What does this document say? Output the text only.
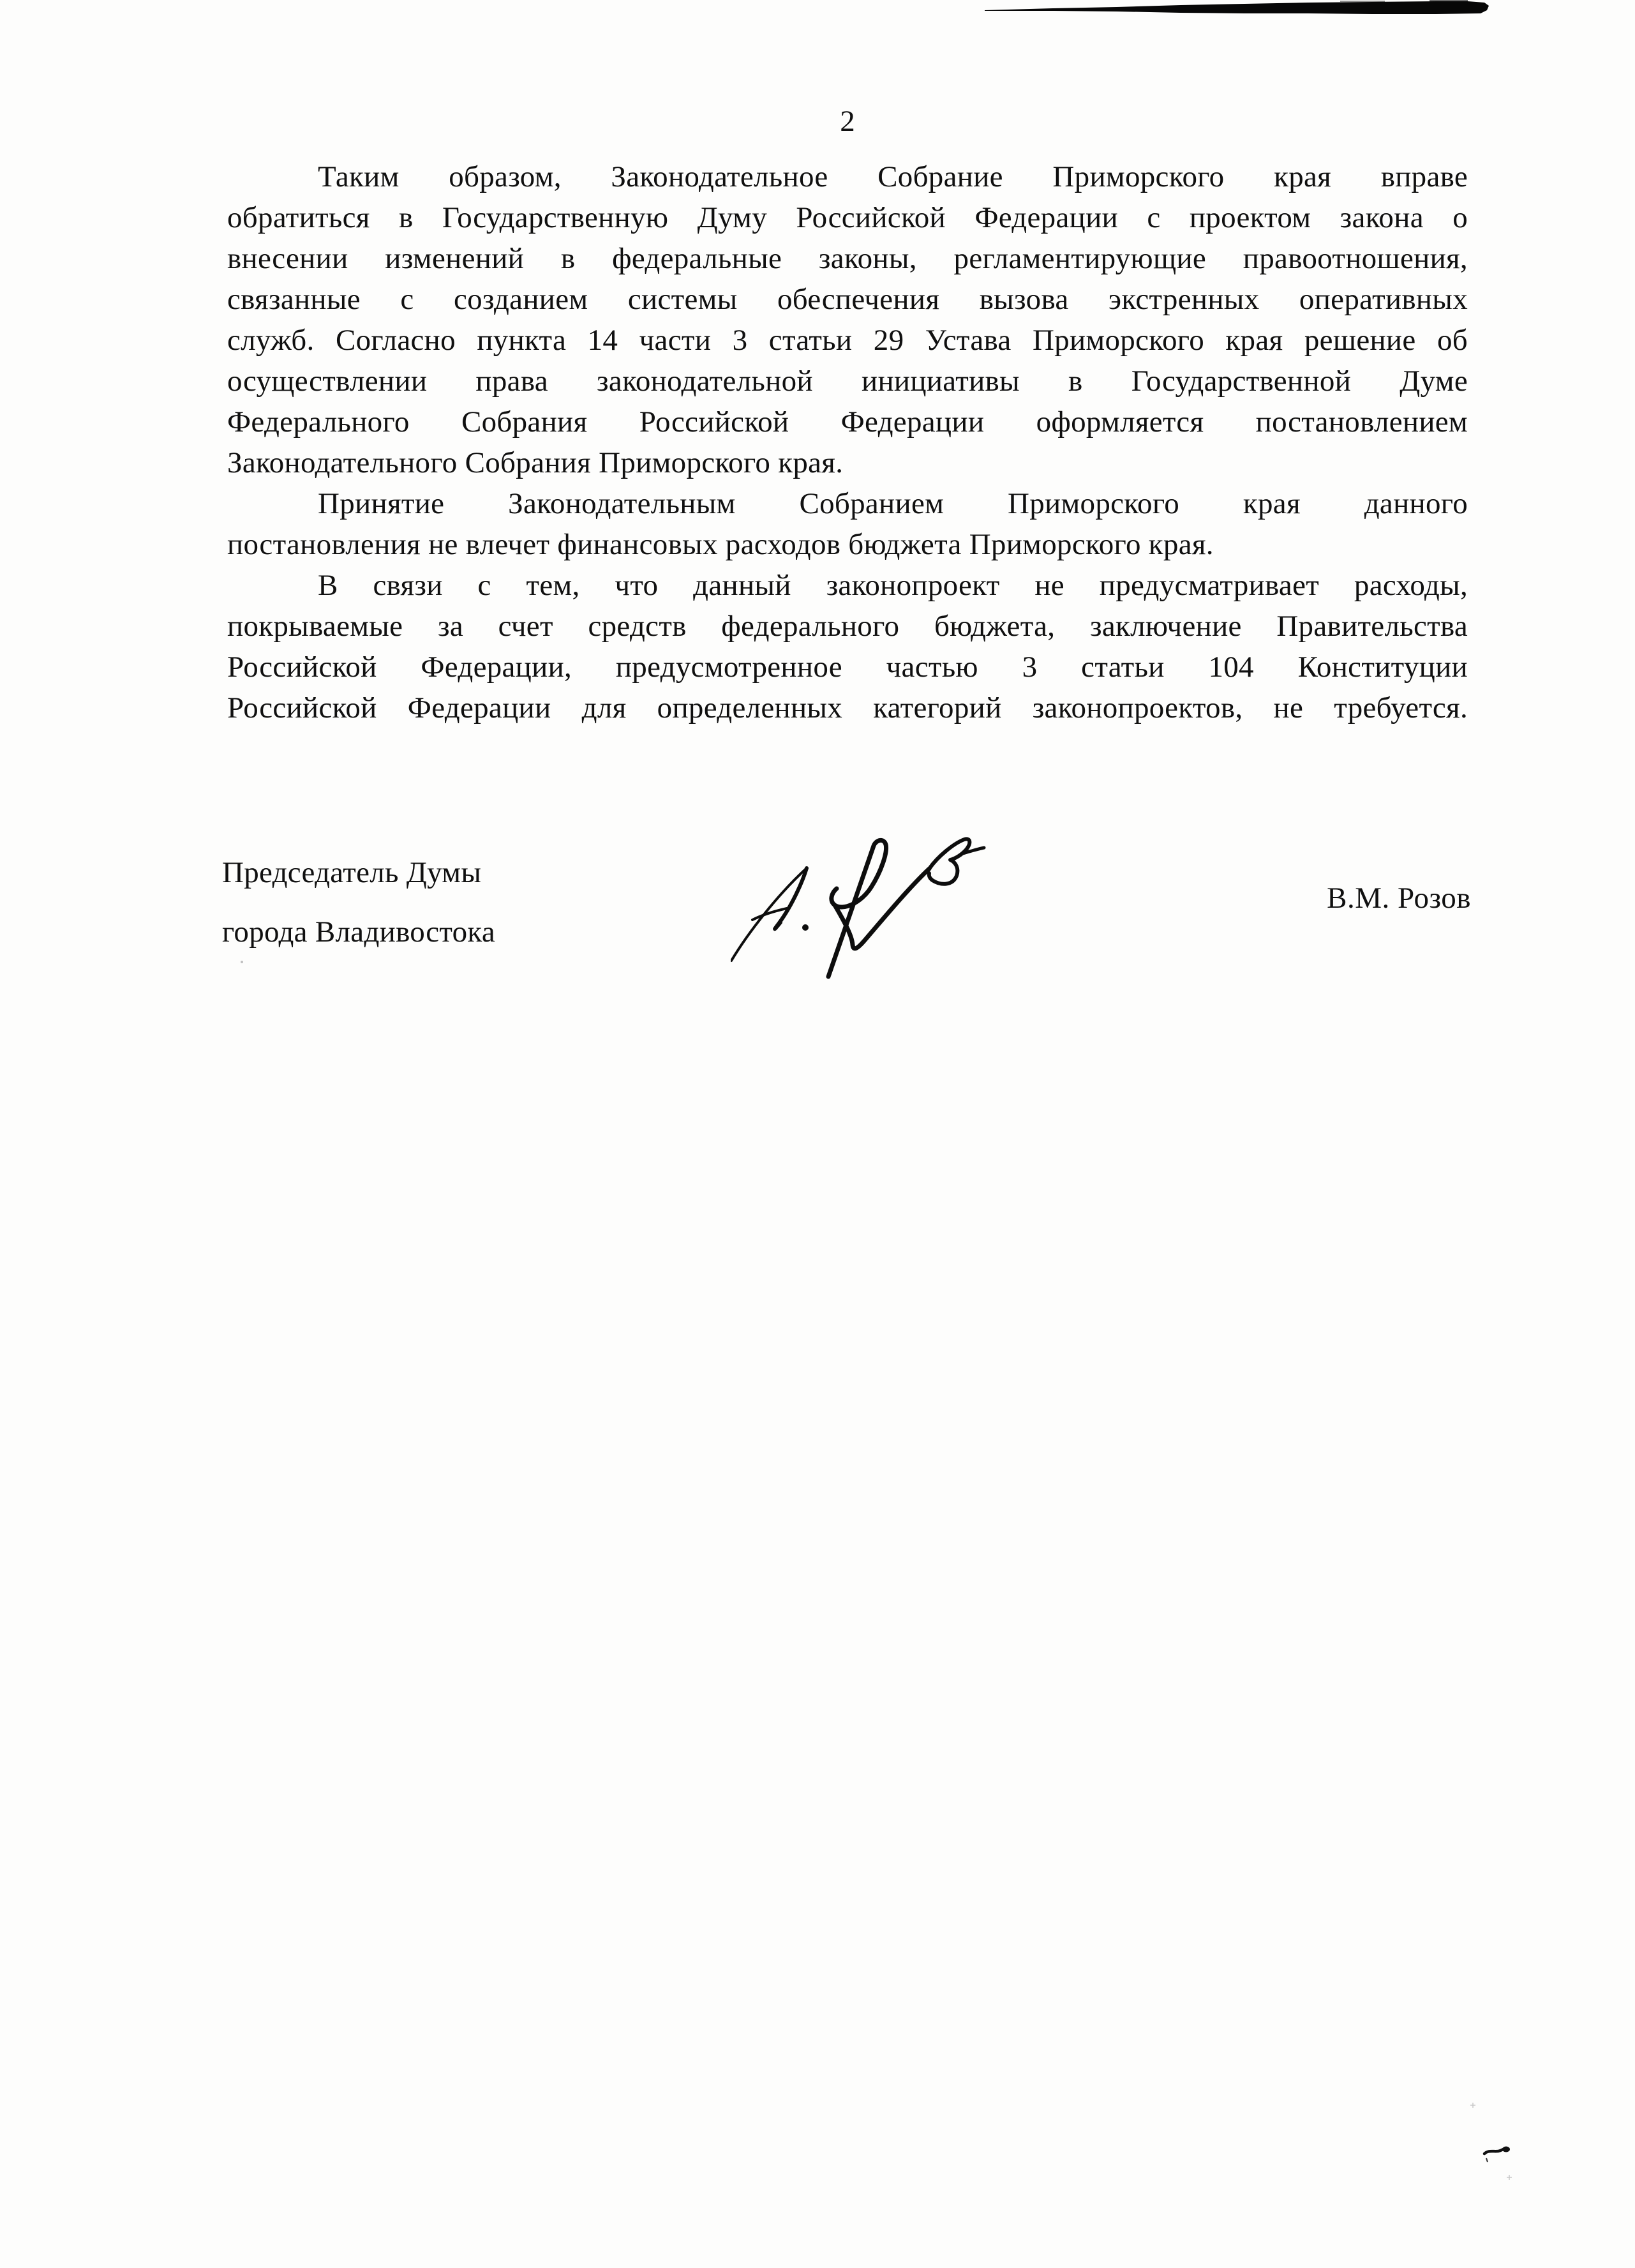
2
Таким образом, Законодательное Собрание Приморского края вправе
обратиться в Государственную Думу Российской Федерации с проектом закона о
внесении изменений в федеральные законы, регламентирующие правоотношения,
связанные с созданием системы обеспечения вызова экстренных оперативных
служб. Согласно пункта 14 части 3 статьи 29 Устава Приморского края решение об
осуществлении права законодательной инициативы в Государственной Думе
Федерального Собрания Российской Федерации оформляется постановлением
Законодательного Собрания Приморского края.
Принятие Законодательным Собранием Приморского края данного
постановления не влечет финансовых расходов бюджета Приморского края.
В связи с тем, что данный законопроект не предусматривает расходы,
покрываемые за счет средств федерального бюджета, заключение Правительства
Российской Федерации, предусмотренное частью 3 статьи 104 Конституции
Российской Федерации для определенных категорий законопроектов, не требуется.
Председатель Думы
города Владивостока
В.М. Розов
